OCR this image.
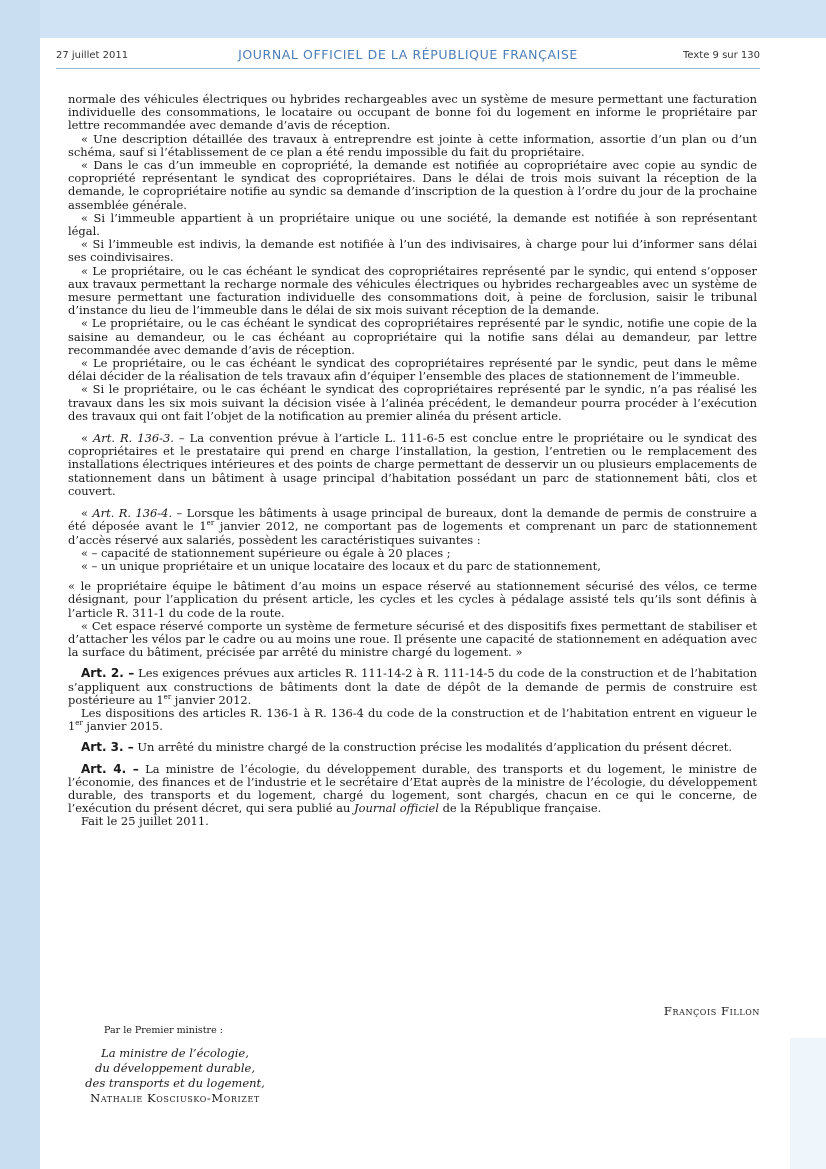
27 juillet 2011	JOURNAL OFFICIEL DE LA RÉPUBLIQUE FRANÇAISE	Texte 9 sur 130

normale des véhicules électriques ou hybrides rechargeables avec un système de mesure permettant une facturation individuelle des consommations, le locataire ou occupant de bonne foi du logement en informe le propriétaire par lettre recommandée avec demande d’avis de réception.

« Une description détaillée des travaux à entreprendre est jointe à cette information, assortie d’un plan ou d’un schéma, sauf si l’établissement de ce plan a été rendu impossible du fait du propriétaire.

« Dans le cas d’un immeuble en copropriété, la demande est notifiée au copropriétaire avec copie au syndic de copropriété représentant le syndicat des copropriétaires. Dans le délai de trois mois suivant la réception de la demande, le copropriétaire notifie au syndic sa demande d’inscription de la question à l’ordre du jour de la prochaine assemblée générale.

« Si l’immeuble appartient à un propriétaire unique ou une société, la demande est notifiée à son représentant légal.

« Si l’immeuble est indivis, la demande est notifiée à l’un des indivisaires, à charge pour lui d’informer sans délai ses coindivisaires.

« Le propriétaire, ou le cas échéant le syndicat des copropriétaires représenté par le syndic, qui entend s’opposer aux travaux permettant la recharge normale des véhicules électriques ou hybrides rechargeables avec un système de mesure permettant une facturation individuelle des consommations doit, à peine de forclusion, saisir le tribunal d’instance du lieu de l’immeuble dans le délai de six mois suivant réception de la demande.

« Le propriétaire, ou le cas échéant le syndicat des copropriétaires représenté par le syndic, notifie une copie de la saisine au demandeur, ou le cas échéant au copropriétaire qui la notifie sans délai au demandeur, par lettre recommandée avec demande d’avis de réception.

« Le propriétaire, ou le cas échéant le syndicat des copropriétaires représenté par le syndic, peut dans le même délai décider de la réalisation de tels travaux afin d’équiper l’ensemble des places de stationnement de l’immeuble.

« Si le propriétaire, ou le cas échéant le syndicat des copropriétaires représenté par le syndic, n’a pas réalisé les travaux dans les six mois suivant la décision visée à l’alinéa précédent, le demandeur pourra procéder à l’exécution des travaux qui ont fait l’objet de la notification au premier alinéa du présent article.

« Art. R. 136-3. – La convention prévue à l’article L. 111-6-5 est conclue entre le propriétaire ou le syndicat des copropriétaires et le prestataire qui prend en charge l’installation, la gestion, l’entretien ou le remplacement des installations électriques intérieures et des points de charge permettant de desservir un ou plusieurs emplacements de stationnement dans un bâtiment à usage principal d’habitation possédant un parc de stationnement bâti, clos et couvert.

« Art. R. 136-4. – Lorsque les bâtiments à usage principal de bureaux, dont la demande de permis de construire a été déposée avant le 1er janvier 2012, ne comportant pas de logements et comprenant un parc de stationnement d’accès réservé aux salariés, possèdent les caractéristiques suivantes :

« – capacité de stationnement supérieure ou égale à 20 places ;

« – un unique propriétaire et un unique locataire des locaux et du parc de stationnement,

« le propriétaire équipe le bâtiment d’au moins un espace réservé au stationnement sécurisé des vélos, ce terme désignant, pour l’application du présent article, les cycles et les cycles à pédalage assisté tels qu’ils sont définis à l’article R. 311-1 du code de la route.

« Cet espace réservé comporte un système de fermeture sécurisé et des dispositifs fixes permettant de stabiliser et d’attacher les vélos par le cadre ou au moins une roue. Il présente une capacité de stationnement en adéquation avec la surface du bâtiment, précisée par arrêté du ministre chargé du logement. »

Art. 2. – Les exigences prévues aux articles R. 111-14-2 à R. 111-14-5 du code de la construction et de l’habitation s’appliquent aux constructions de bâtiments dont la date de dépôt de la demande de permis de construire est postérieure au 1er janvier 2012.

Les dispositions des articles R. 136-1 à R. 136-4 du code de la construction et de l’habitation entrent en vigueur le 1er janvier 2015.

Art. 3. – Un arrêté du ministre chargé de la construction précise les modalités d’application du présent décret.

Art. 4. – La ministre de l’écologie, du développement durable, des transports et du logement, le ministre de l’économie, des finances et de l’industrie et le secrétaire d’Etat auprès de la ministre de l’écologie, du développement durable, des transports et du logement, chargé du logement, sont chargés, chacun en ce qui le concerne, de l’exécution du présent décret, qui sera publié au Journal officiel de la République française.

Fait le 25 juillet 2011.

François Fillon
Par le Premier ministre :
La ministre de l’écologie,
du développement durable,
des transports et du logement,
Nathalie Kosciusko-Morizet
